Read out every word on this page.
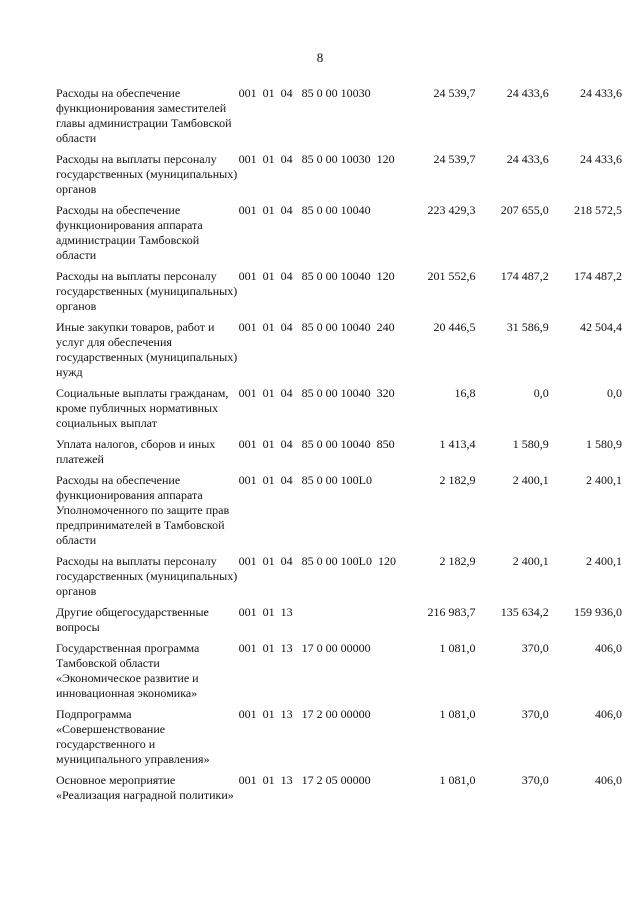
8
Расходы на обеспечение функционирования заместителей главы администрации Тамбовской области	001  01  04   85 0 00 10030	24 539,7	24 433,6	24 433,6
Расходы на выплаты персоналу государственных (муниципальных) органов	001  01  04   85 0 00 10030  120	24 539,7	24 433,6	24 433,6
Расходы на обеспечение функционирования аппарата администрации Тамбовской области	001  01  04   85 0 00 10040	223 429,3	207 655,0	218 572,5
Расходы на выплаты персоналу государственных (муниципальных) органов	001  01  04   85 0 00 10040  120	201 552,6	174 487,2	174 487,2
Иные закупки товаров, работ и услуг для обеспечения государственных (муниципальных) нужд	001  01  04   85 0 00 10040  240	20 446,5	31 586,9	42 504,4
Социальные выплаты гражданам, кроме публичных нормативных социальных выплат	001  01  04   85 0 00 10040  320	16,8	0,0	0,0
Уплата налогов, сборов и иных платежей	001  01  04   85 0 00 10040  850	1 413,4	1 580,9	1 580,9
Расходы на обеспечение функционирования аппарата Уполномоченного по защите прав предпринимателей в Тамбовской области	001  01  04   85 0 00 100L0	2 182,9	2 400,1	2 400,1
Расходы на выплаты персоналу государственных (муниципальных) органов	001  01  04   85 0 00 100L0  120	2 182,9	2 400,1	2 400,1
Другие общегосударственные вопросы	001  01  13	216 983,7	135 634,2	159 936,0
Государственная программа Тамбовской области «Экономическое развитие и инновационная экономика»	001  01  13   17 0 00 00000	1 081,0	370,0	406,0
Подпрограмма «Совершенствование государственного и муниципального управления»	001  01  13   17 2 00 00000	1 081,0	370,0	406,0
Основное мероприятие «Реализация наградной политики»	001  01  13   17 2 05 00000	1 081,0	370,0	406,0
